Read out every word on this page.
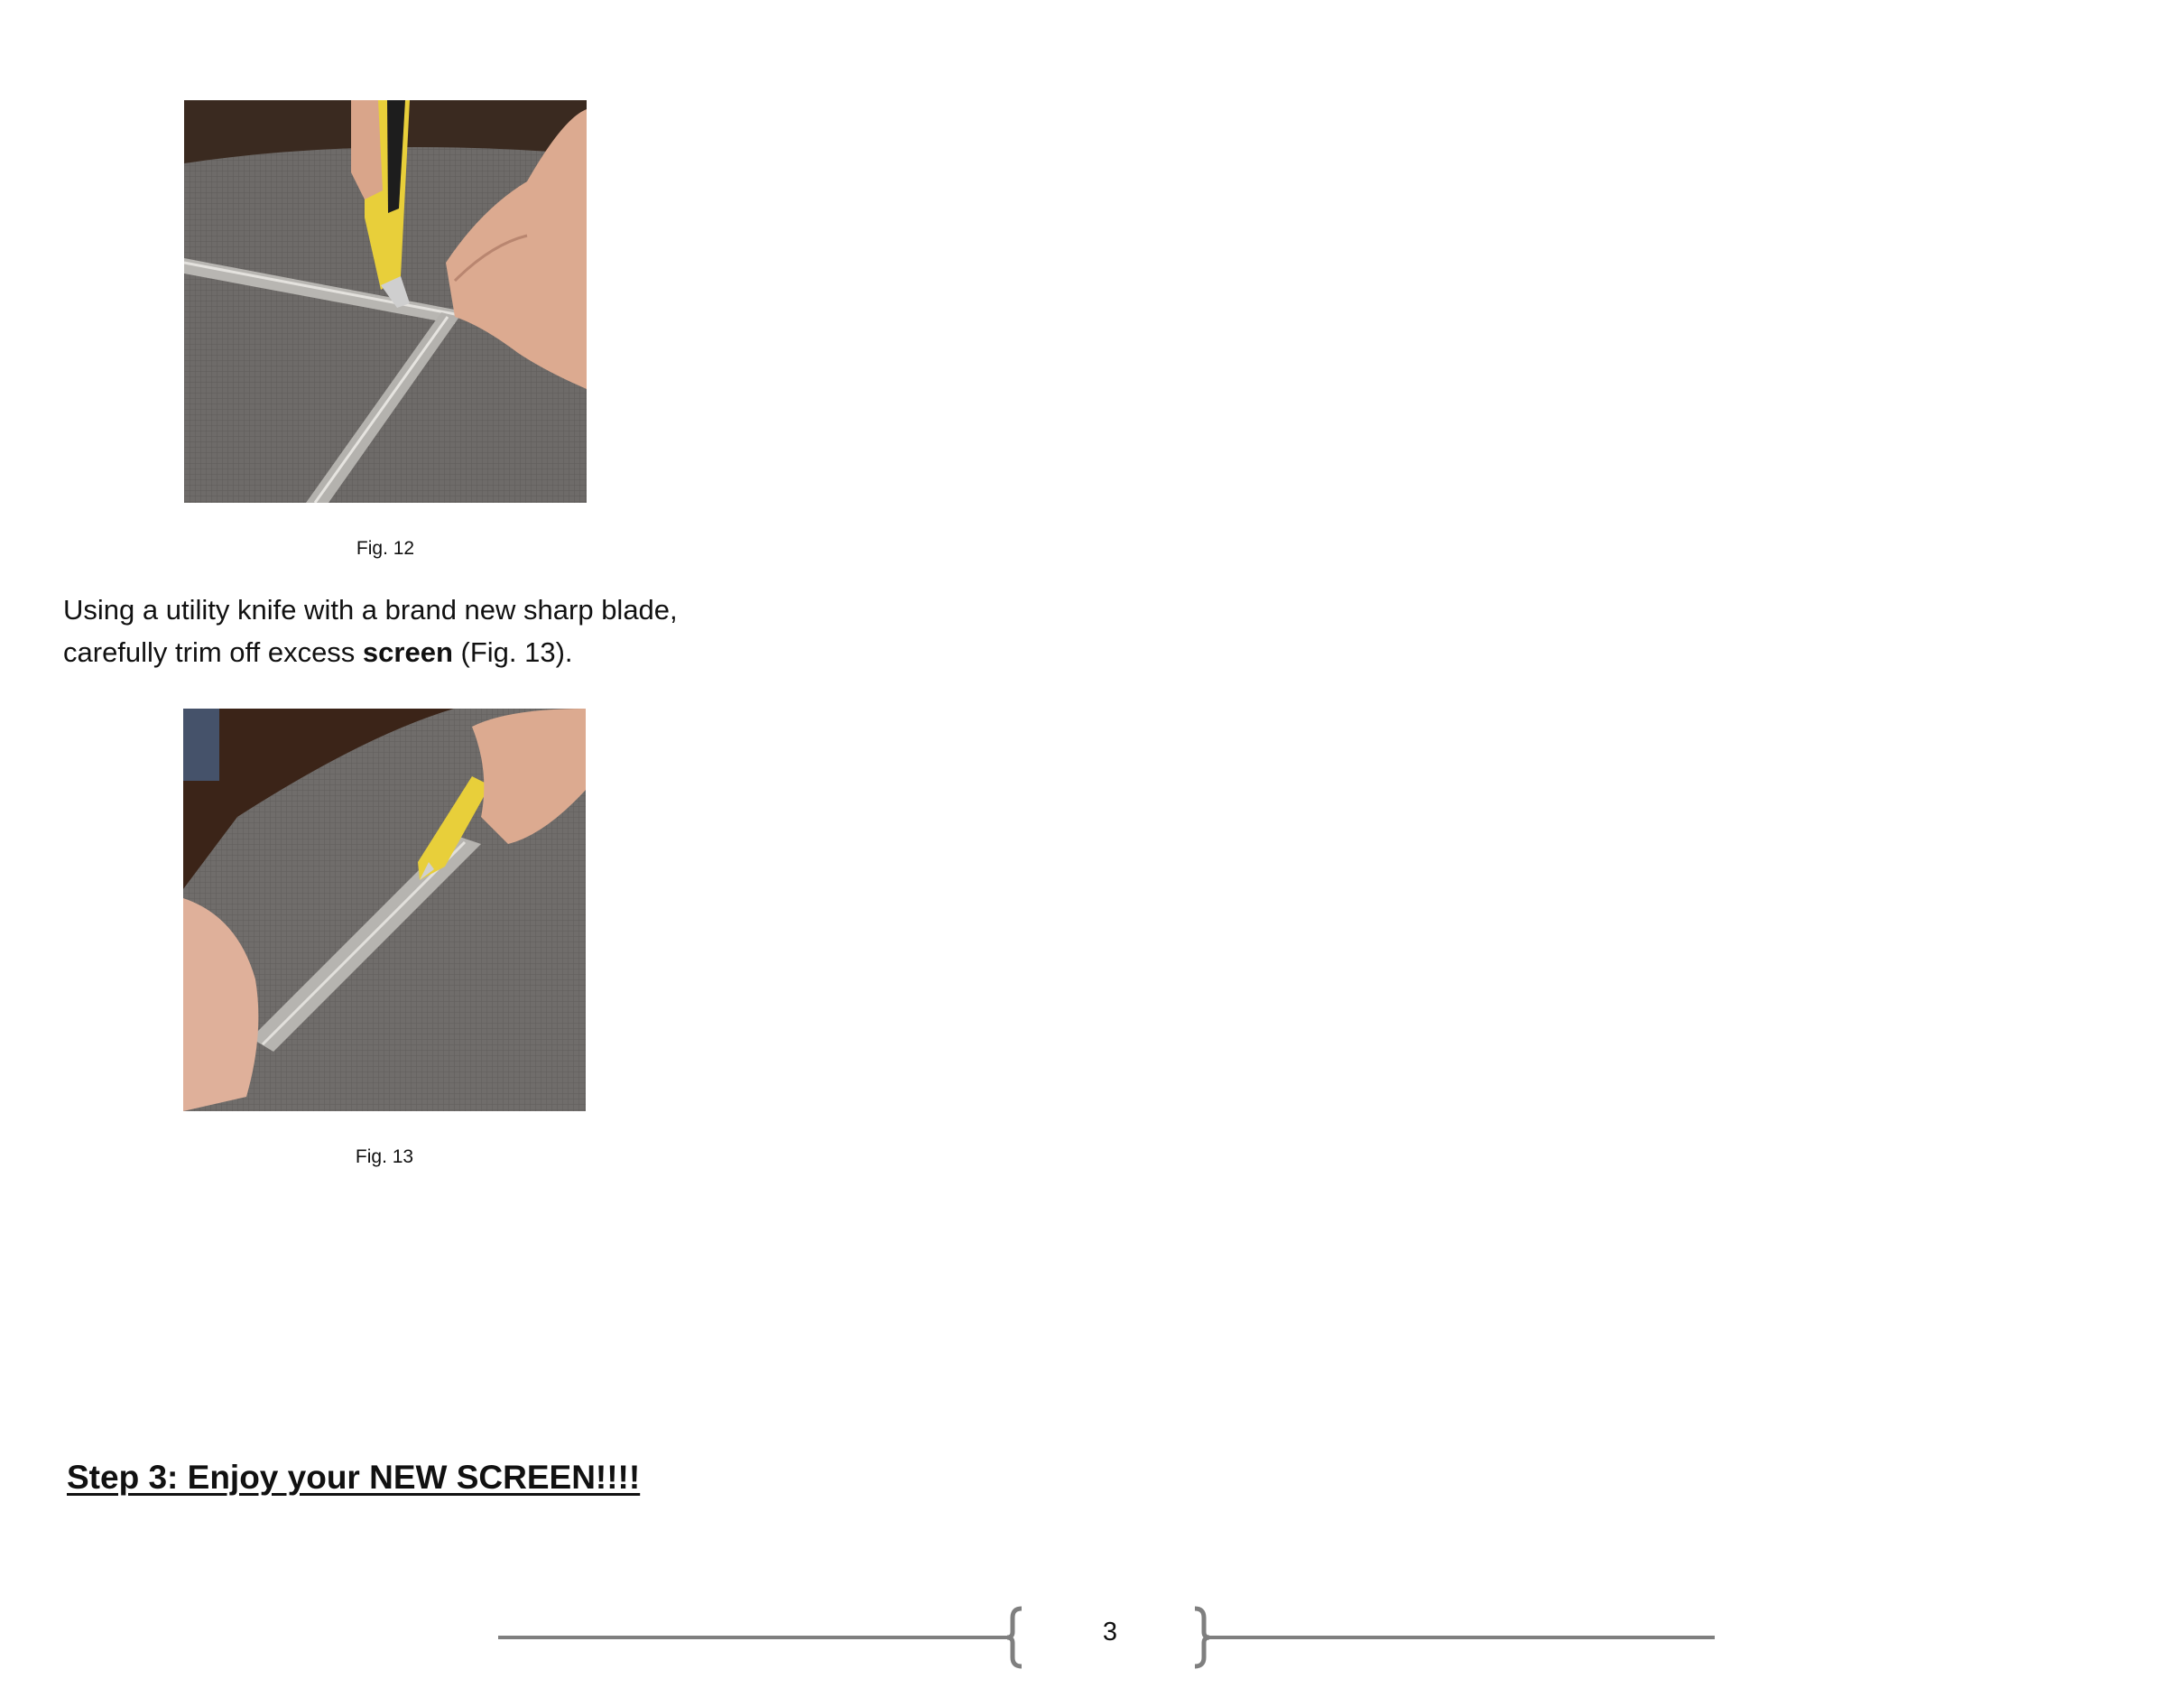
Fig. 12
Using a utility knife with a brand new sharp blade, carefully trim off excess screen (Fig. 13).
Fig. 13
Step 3: Enjoy your NEW SCREEN!!!!
3
